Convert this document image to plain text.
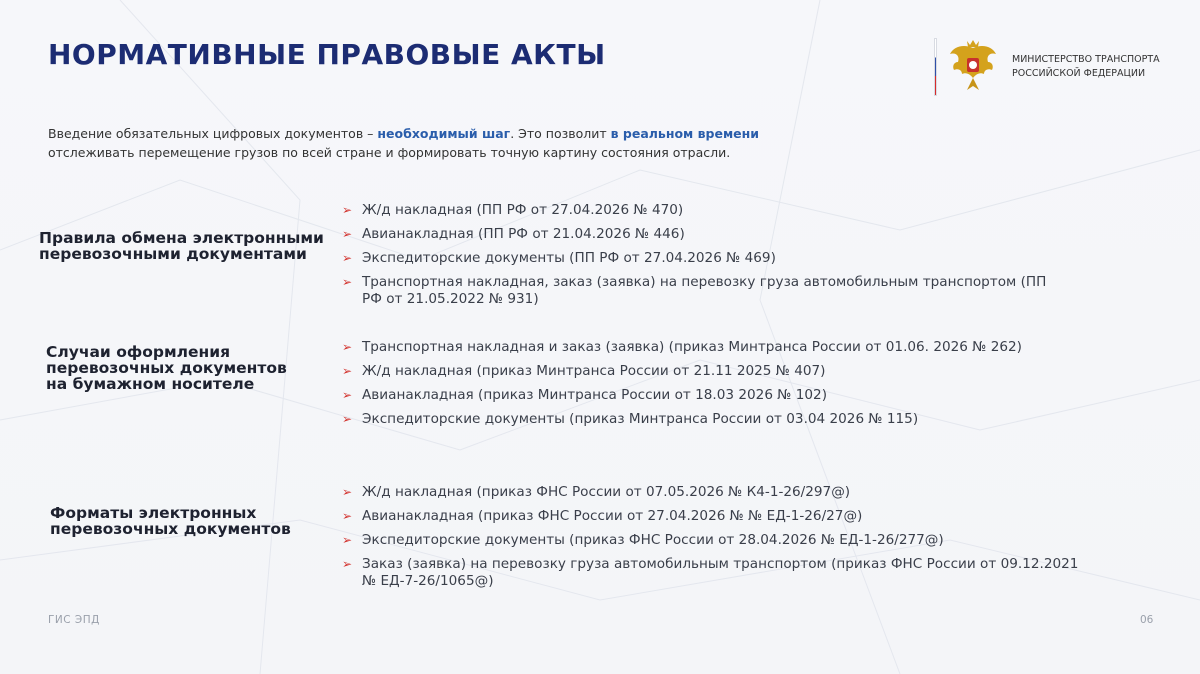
НОРМАТИВНЫЕ ПРАВОВЫЕ АКТЫ	МИНИСТЕРСТВО ТРАНСПОРТА
РОССИЙСКОЙ ФЕДЕРАЦИИ

Введение обязательных цифровых документов – необходимый шаг. Это позволит в реальном времени отслеживать перемещение грузов по всей стране и формировать точную картину состояния отрасли.

Правила обмена электронными перевозочными документами
➢ Ж/д накладная (ПП РФ от 27.04.2026 № 470)
➢ Авианакладная (ПП РФ от 21.04.2026 № 446)
➢ Экспедиторские документы (ПП РФ от 27.04.2026 № 469)
➢ Транспортная накладная, заказ (заявка) на перевозку груза автомобильным транспортом (ПП РФ от 21.05.2022 № 931)
Случаи оформления перевозочных документов на бумажном носителе
➢ Транспортная накладная и заказ (заявка) (приказ Минтранса России от 01.06. 2026 № 262)
➢ Ж/д накладная (приказ Минтранса России от 21.11 2025 № 407)
➢ Авианакладная (приказ Минтранса России от 18.03 2026 № 102)
➢ Экспедиторские документы (приказ Минтранса России от 03.04 2026 № 115)
Форматы электронных перевозочных документов
➢ Ж/д накладная (приказ ФНС России от 07.05.2026 № К4-1-26/297@)
➢ Авианакладная (приказ ФНС России от 27.04.2026 № № ЕД-1-26/27@)
➢ Экспедиторские документы (приказ ФНС России от 28.04.2026 № ЕД-1-26/277@)
➢ Заказ (заявка) на перевозку груза автомобильным транспортом (приказ ФНС России от 09.12.2021 № ЕД-7-26/1065@)
ГИС ЭПД	06
